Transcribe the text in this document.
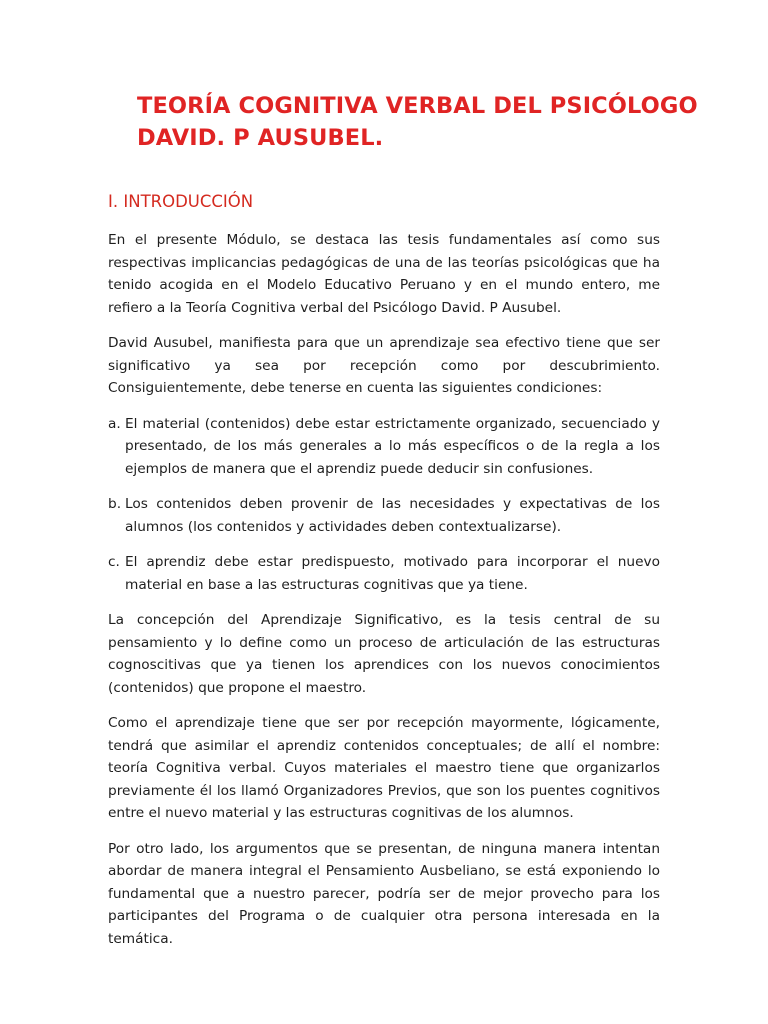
TEORÍA COGNITIVA VERBAL DEL PSICÓLOGO DAVID. P AUSUBEL.
I. INTRODUCCIÓN

En el presente Módulo, se destaca las tesis fundamentales así como sus respectivas implicancias pedagógicas de una de las teorías psicológicas que ha tenido acogida en el Modelo Educativo Peruano y en el mundo entero, me refiero a la Teoría Cognitiva verbal del Psicólogo David. P Ausubel.

David Ausubel, manifiesta para que un aprendizaje sea efectivo tiene que ser significativo ya sea por recepción como por descubrimiento. Consiguientemente, debe tenerse en cuenta las siguientes condiciones:

a. El material (contenidos) debe estar estrictamente organizado, secuenciado y presentado, de los más generales a lo más específicos o de la regla a los ejemplos de manera que el aprendiz puede deducir sin confusiones.
b. Los contenidos deben provenir de las necesidades y expectativas de los alumnos (los contenidos y actividades deben contextualizarse).
c. El aprendiz debe estar predispuesto, motivado para incorporar el nuevo material en base a las estructuras cognitivas que ya tiene.

La concepción del Aprendizaje Significativo, es la tesis central de su pensamiento y lo define como un proceso de articulación de las estructuras cognoscitivas que ya tienen los aprendices con los nuevos conocimientos (contenidos) que propone el maestro.

Como el aprendizaje tiene que ser por recepción mayormente, lógicamente, tendrá que asimilar el aprendiz contenidos conceptuales; de allí el nombre: teoría Cognitiva verbal. Cuyos materiales el maestro tiene que organizarlos previamente él los llamó Organizadores Previos, que son los puentes cognitivos entre el nuevo material y las estructuras cognitivas de los alumnos.

Por otro lado, los argumentos que se presentan, de ninguna manera intentan abordar de manera integral el Pensamiento Ausbeliano, se está exponiendo lo fundamental que a nuestro parecer, podría ser de mejor provecho para los participantes del Programa o de cualquier otra persona interesada en la temática.
